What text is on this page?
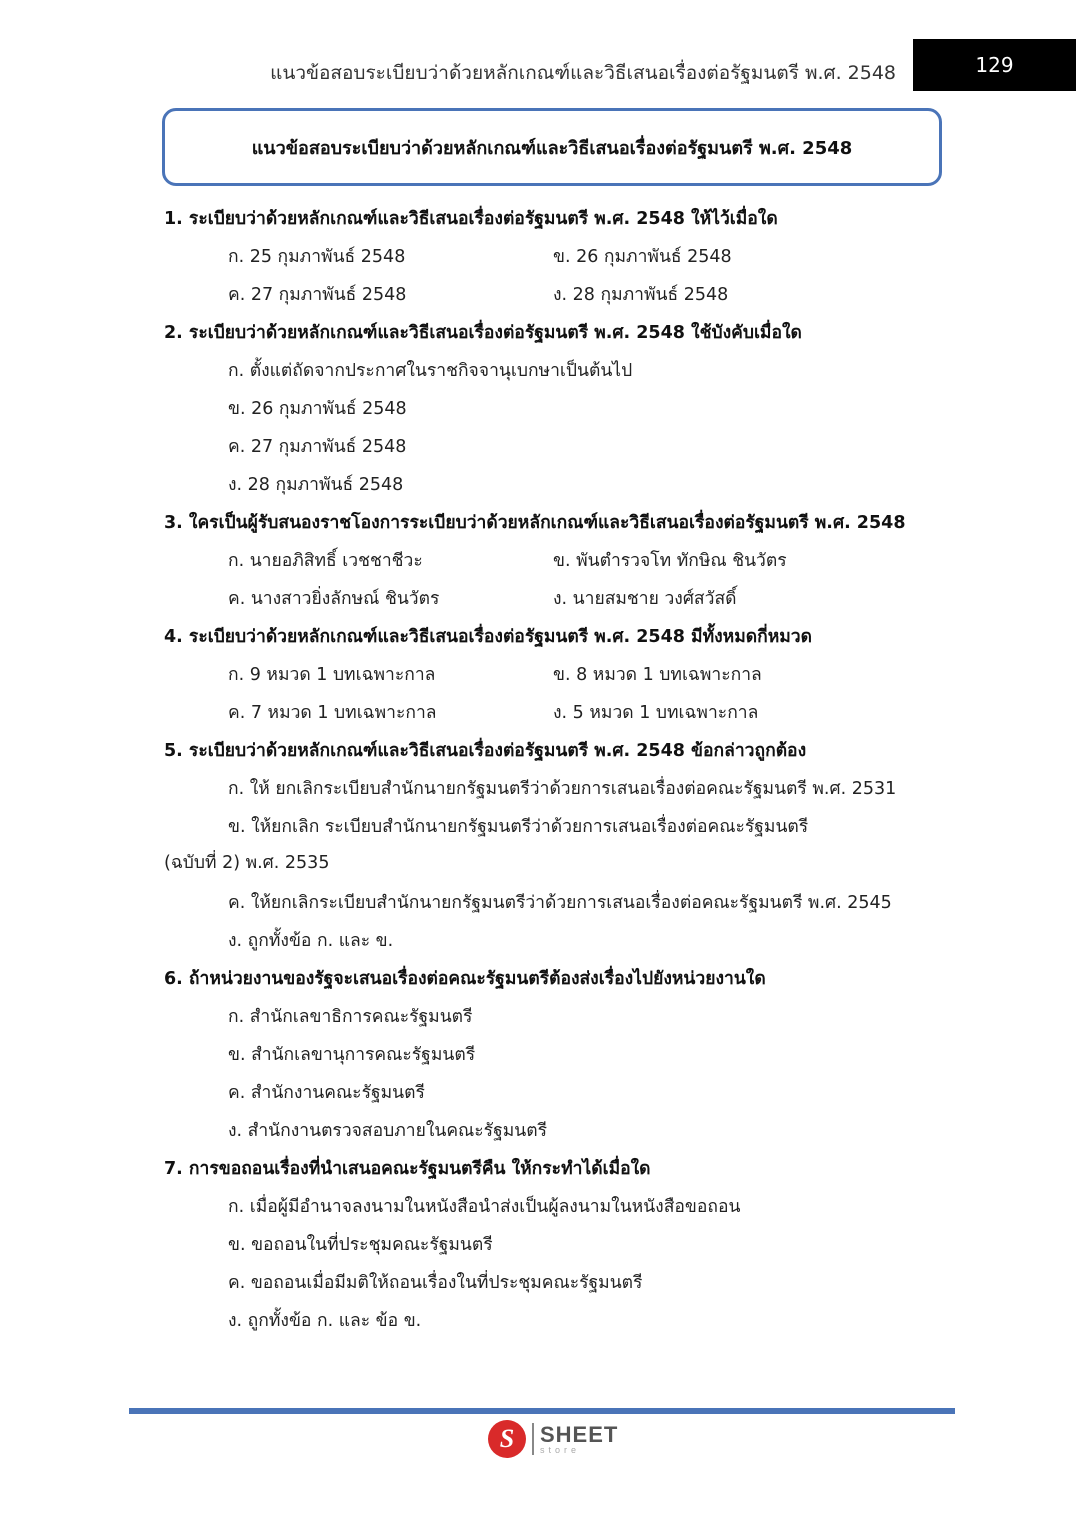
แนวข้อสอบระเบียบว่าด้วยหลักเกณฑ์และวิธีเสนอเรื่องต่อรัฐมนตรี พ.ศ. 2548	129
แนวข้อสอบระเบียบว่าด้วยหลักเกณฑ์และวิธีเสนอเรื่องต่อรัฐมนตรี พ.ศ. 2548
1. ระเบียบว่าด้วยหลักเกณฑ์และวิธีเสนอเรื่องต่อรัฐมนตรี พ.ศ. 2548 ให้ไว้เมื่อใด
ก. 25 กุมภาพันธ์ 2548	ข. 26 กุมภาพันธ์ 2548
ค. 27 กุมภาพันธ์ 2548	ง. 28 กุมภาพันธ์ 2548
2. ระเบียบว่าด้วยหลักเกณฑ์และวิธีเสนอเรื่องต่อรัฐมนตรี พ.ศ. 2548 ใช้บังคับเมื่อใด
ก. ตั้งแต่ถัดจากประกาศในราชกิจจานุเบกษาเป็นต้นไป
ข. 26 กุมภาพันธ์ 2548
ค. 27 กุมภาพันธ์ 2548
ง. 28 กุมภาพันธ์ 2548
3. ใครเป็นผู้รับสนองราชโองการระเบียบว่าด้วยหลักเกณฑ์และวิธีเสนอเรื่องต่อรัฐมนตรี พ.ศ. 2548
ก. นายอภิสิทธิ์ เวชชาชีวะ	ข. พันตำรวจโท ทักษิณ ชินวัตร
ค. นางสาวยิ่งลักษณ์ ชินวัตร	ง. นายสมชาย วงศ์สวัสดิ์
4. ระเบียบว่าด้วยหลักเกณฑ์และวิธีเสนอเรื่องต่อรัฐมนตรี พ.ศ. 2548 มีทั้งหมดกี่หมวด
ก. 9 หมวด 1 บทเฉพาะกาล	ข. 8 หมวด 1 บทเฉพาะกาล
ค. 7 หมวด 1 บทเฉพาะกาล	ง. 5 หมวด 1 บทเฉพาะกาล
5. ระเบียบว่าด้วยหลักเกณฑ์และวิธีเสนอเรื่องต่อรัฐมนตรี พ.ศ. 2548 ข้อกล่าวถูกต้อง
ก. ให้ ยกเลิกระเบียบสำนักนายกรัฐมนตรีว่าด้วยการเสนอเรื่องต่อคณะรัฐมนตรี พ.ศ. 2531
ข. ให้ยกเลิก ระเบียบสำนักนายกรัฐมนตรีว่าด้วยการเสนอเรื่องต่อคณะรัฐมนตรี
(ฉบับที่ 2) พ.ศ. 2535
ค. ให้ยกเลิกระเบียบสำนักนายกรัฐมนตรีว่าด้วยการเสนอเรื่องต่อคณะรัฐมนตรี พ.ศ. 2545
ง. ถูกทั้งข้อ ก. และ ข.
6. ถ้าหน่วยงานของรัฐจะเสนอเรื่องต่อคณะรัฐมนตรีต้องส่งเรื่องไปยังหน่วยงานใด
ก. สำนักเลขาธิการคณะรัฐมนตรี
ข. สำนักเลขานุการคณะรัฐมนตรี
ค. สำนักงานคณะรัฐมนตรี
ง. สำนักงานตรวจสอบภายในคณะรัฐมนตรี
7. การขอถอนเรื่องที่นำเสนอคณะรัฐมนตรีคืน ให้กระทำได้เมื่อใด
ก. เมื่อผู้มีอำนาจลงนามในหนังสือนำส่งเป็นผู้ลงนามในหนังสือขอถอน
ข. ขอถอนในที่ประชุมคณะรัฐมนตรี
ค. ขอถอนเมื่อมีมติให้ถอนเรื่องในที่ประชุมคณะรัฐมนตรี
ง. ถูกทั้งข้อ ก. และ ข้อ ข.
S	SHEET
store
